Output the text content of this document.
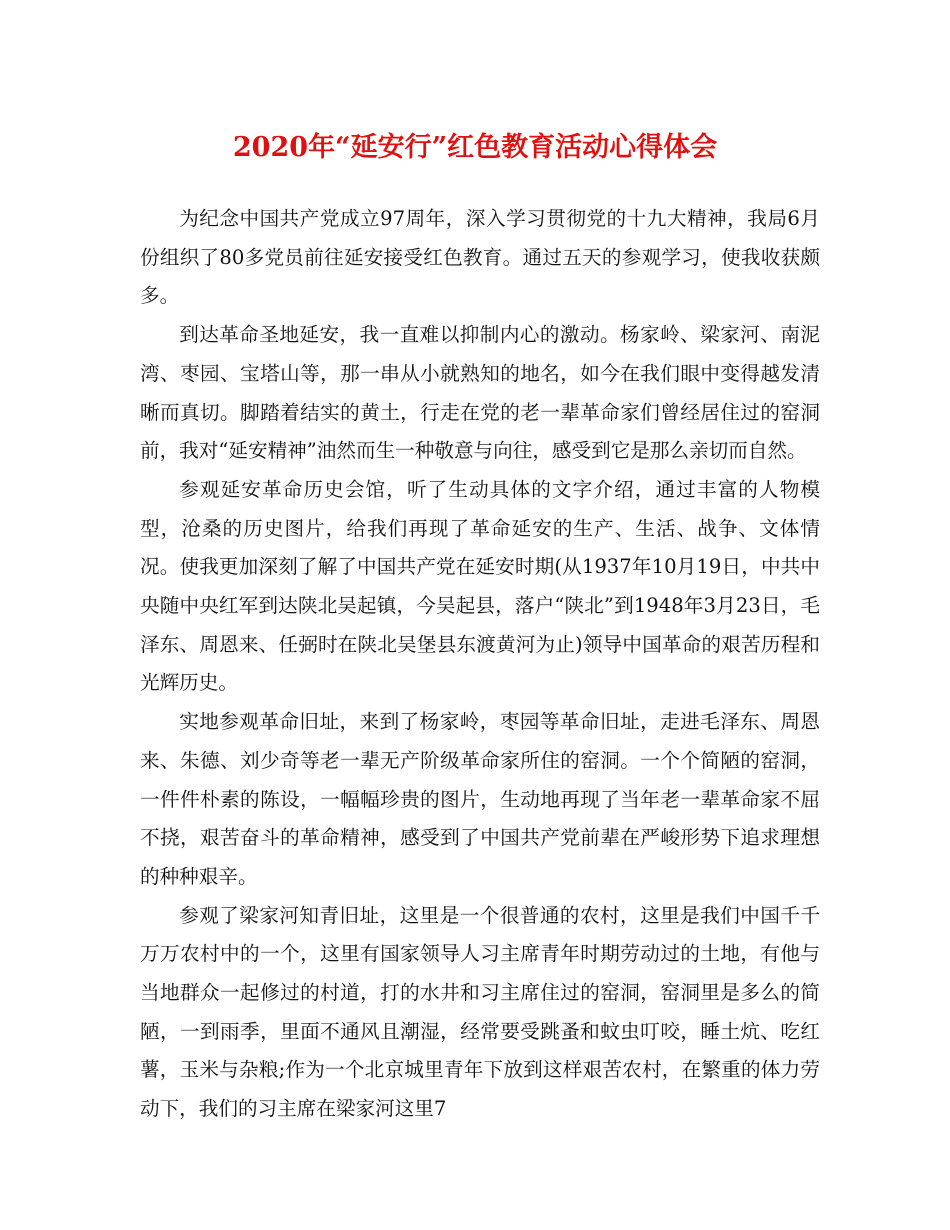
2020年“延安行”红色教育活动心得体会

为纪念中国共产党成立97周年，深入学习贯彻党的十九大精神，我局6月份组织了80多党员前往延安接受红色教育。通过五天的参观学习，使我收获颇多。

到达革命圣地延安，我一直难以抑制内心的激动。杨家岭、梁家河、南泥湾、枣园、宝塔山等，那一串从小就熟知的地名，如今在我们眼中变得越发清晰而真切。脚踏着结实的黄土，行走在党的老一辈革命家们曾经居住过的窑洞前，我对“延安精神”油然而生一种敬意与向往，感受到它是那么亲切而自然。

参观延安革命历史会馆，听了生动具体的文字介绍，通过丰富的人物模型，沧桑的历史图片，给我们再现了革命延安的生产、生活、战争、文体情况。使我更加深刻了解了中国共产党在延安时期(从1937年10月19日，中共中央随中央红军到达陕北吴起镇，今吴起县，落户“陕北”到1948年3月23日，毛泽东、周恩来、任弼时在陕北吴堡县东渡黄河为止)领导中国革命的艰苦历程和光辉历史。

实地参观革命旧址，来到了杨家岭，枣园等革命旧址，走进毛泽东、周恩来、朱德、刘少奇等老一辈无产阶级革命家所住的窑洞。一个个简陋的窑洞，一件件朴素的陈设，一幅幅珍贵的图片，生动地再现了当年老一辈革命家不屈不挠，艰苦奋斗的革命精神，感受到了中国共产党前辈在严峻形势下追求理想的种种艰辛。

参观了梁家河知青旧址，这里是一个很普通的农村，这里是我们中国千千万万农村中的一个，这里有国家领导人习主席青年时期劳动过的土地，有他与当地群众一起修过的村道，打的水井和习主席住过的窑洞，窑洞里是多么的简陋，一到雨季，里面不通风且潮湿，经常要受跳蚤和蚊虫叮咬，睡土炕、吃红薯，玉米与杂粮;作为一个北京城里青年下放到这样艰苦农村，在繁重的体力劳动下，我们的习主席在梁家河这里7
